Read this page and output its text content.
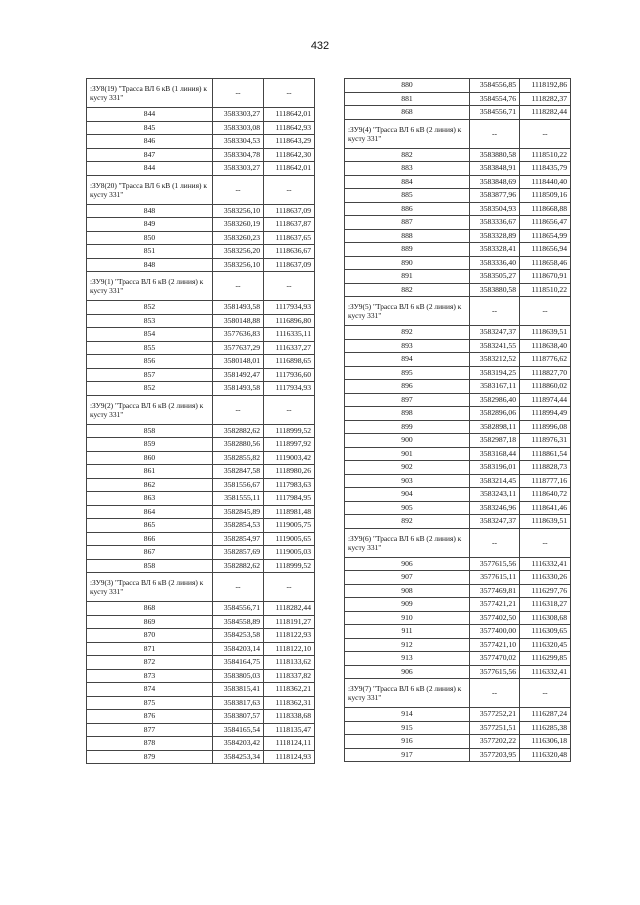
432
:ЗУ8(19) "Трасса ВЛ 6 кВ (1 линия) к кусту 331"	--	--
844	3583303,27	1118642,01
845	3583303,08	1118642,93
846	3583304,53	1118643,29
847	3583304,78	1118642,30
844	3583303,27	1118642,01
:ЗУ8(20) "Трасса ВЛ 6 кВ (1 линия) к кусту 331"	--	--
848	3583256,10	1118637,09
849	3583260,19	1118637,87
850	3583260,23	1118637,65
851	3583256,20	1118636,67
848	3583256,10	1118637,09
:ЗУ9(1) "Трасса ВЛ 6 кВ (2 линия) к кусту 331"	--	--
852	3581493,58	1117934,93
853	3580148,88	1116896,80
854	3577636,83	1116335,11
855	3577637,29	1116337,27
856	3580148,01	1116898,65
857	3581492,47	1117936,60
852	3581493,58	1117934,93
:ЗУ9(2) "Трасса ВЛ 6 кВ (2 линия) к кусту 331"	--	--
858	3582882,62	1118999,52
859	3582880,56	1118997,92
860	3582855,82	1119003,42
861	3582847,58	1118980,26
862	3581556,67	1117983,63
863	3581555,11	1117984,95
864	3582845,89	1118981,48
865	3582854,53	1119005,75
866	3582854,97	1119005,65
867	3582857,69	1119005,03
858	3582882,62	1118999,52
:ЗУ9(3) "Трасса ВЛ 6 кВ (2 линия) к кусту 331"	--	--
868	3584556,71	1118282,44
869	3584558,89	1118191,27
870	3584253,58	1118122,93
871	3584203,14	1118122,10
872	3584164,75	1118133,62
873	3583805,03	1118337,82
874	3583815,41	1118362,21
875	3583817,63	1118362,31
876	3583807,57	1118338,68
877	3584165,54	1118135,47
878	3584203,42	1118124,11
879	3584253,34	1118124,93
880	3584556,85	1118192,86
881	3584554,76	1118282,37
868	3584556,71	1118282,44
:ЗУ9(4) "Трасса ВЛ 6 кВ (2 линия) к кусту 331"	--	--
882	3583880,58	1118510,22
883	3583848,91	1118435,79
884	3583848,69	1118440,40
885	3583877,96	1118509,16
886	3583504,93	1118668,88
887	3583336,67	1118656,47
888	3583328,89	1118654,99
889	3583328,41	1118656,94
890	3583336,40	1118658,46
891	3583505,27	1118670,91
882	3583880,58	1118510,22
:ЗУ9(5) "Трасса ВЛ 6 кВ (2 линия) к кусту 331"	--	--
892	3583247,37	1118639,51
893	3583241,55	1118638,40
894	3583212,52	1118776,62
895	3583194,25	1118827,70
896	3583167,11	1118860,02
897	3582986,40	1118974,44
898	3582896,06	1118994,49
899	3582898,11	1118996,08
900	3582987,18	1118976,31
901	3583168,44	1118861,54
902	3583196,01	1118828,73
903	3583214,45	1118777,16
904	3583243,11	1118640,72
905	3583246,96	1118641,46
892	3583247,37	1118639,51
:ЗУ9(6) "Трасса ВЛ 6 кВ (2 линия) к кусту 331"	--	--
906	3577615,56	1116332,41
907	3577615,11	1116330,26
908	3577469,81	1116297,76
909	3577421,21	1116318,27
910	3577402,50	1116308,68
911	3577400,00	1116309,65
912	3577421,10	1116320,45
913	3577470,02	1116299,85
906	3577615,56	1116332,41
:ЗУ9(7) "Трасса ВЛ 6 кВ (2 линия) к кусту 331"	--	--
914	3577252,21	1116287,24
915	3577251,51	1116285,38
916	3577202,22	1116306,18
917	3577203,95	1116320,48
